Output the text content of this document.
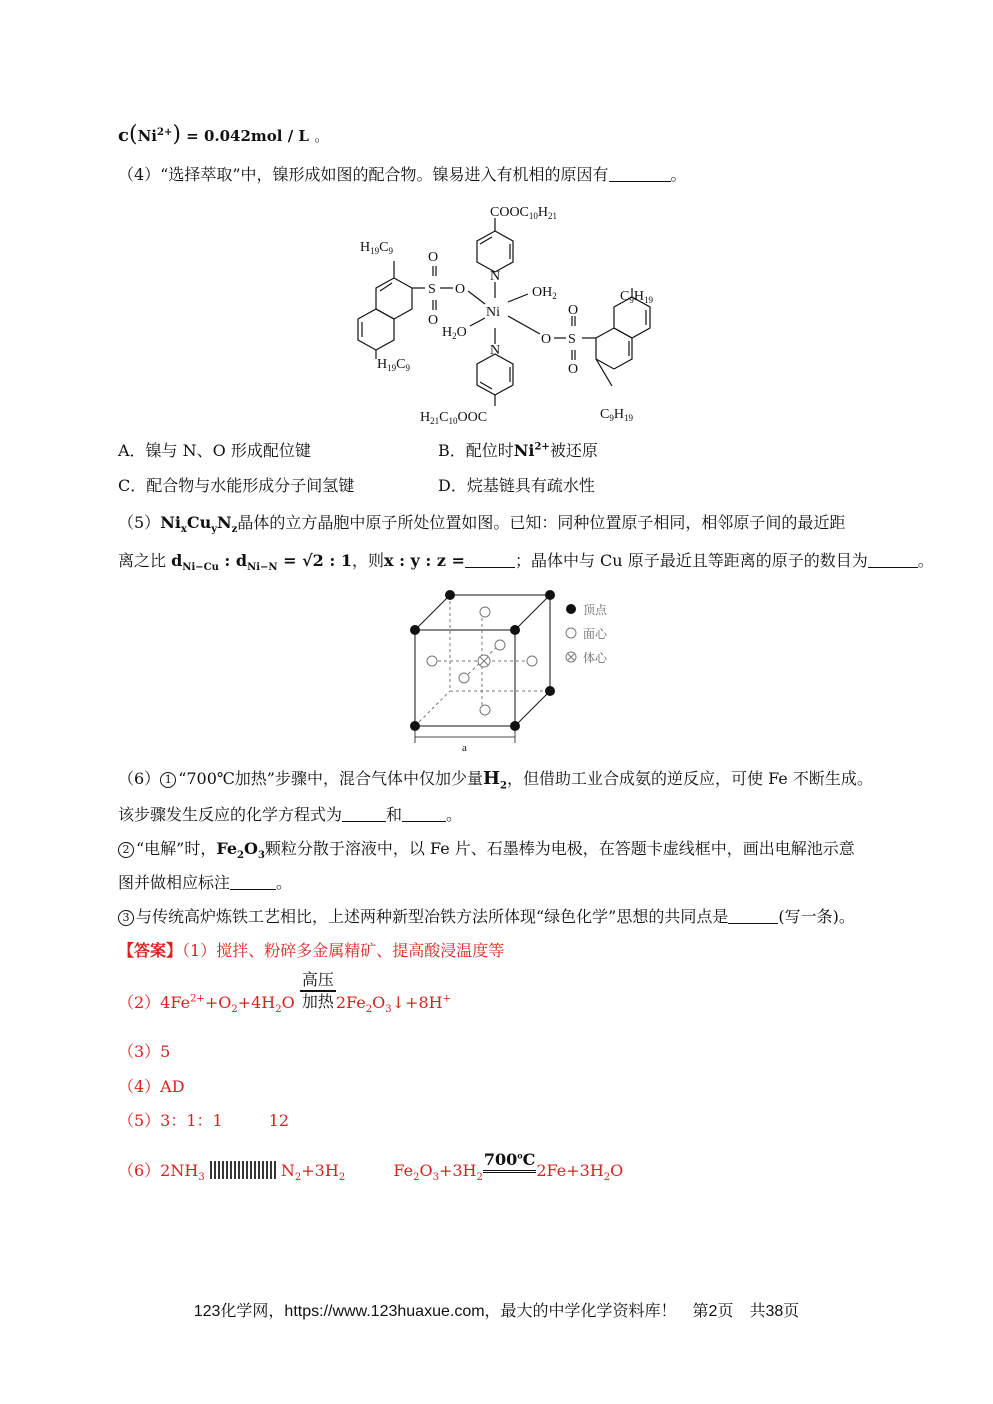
$c(Ni^{2+}) = 0.042mol / L$ 。
（4）“选择萃取”中，镍形成如图的配合物。镍易进入有机相的原因有	。
$COOC_{10}H_{21}$
$H_{19}C_9$	O
S
O
O
N
Ni
$OH_2$
$H_2O$
N
O S
O
O
$C_9H_{19}$
$H_{19}C_9$
$C_9H_{19}$
$H_{21}C_{10}OOC$
A．镍与 N、O 形成配位键	B．配位时$Ni^{2+}$被还原
C．配合物与水能形成分子间氢键	D．烷基链具有疏水性
$(5)Ni_xCu_yN_z$晶体的立方晶胞中原子所处位置如图。已知：同种位置原子相同，相邻原子间的最近距
离之比 $d_{Ni-Cu}$ : $d_{Ni-N} = √2$ : 1，则x : y : z =	；晶体中与 Cu 原子最近且等距离的原子的数目为	。
a
顶点
面心
体心
（6） 1 “700℃加热”步骤中，混合气体中仅加少量$H_2$，但借助工业合成氨的逆反应，可使 Fe 不断生成。
该步骤发生反应的化学方程式为	和	。
2 “电解”时，$Fe_2O_3$颗粒分散于溶液中，以 Fe 片、石墨棒为电极，在答题卡虚线框中，画出电解池示意
图并做相应标注	。
3 与传统高炉炼铁工艺相比，上述两种新型冶铁方法所体现“绿色化学”思想的共同点是	(写一条)。
【答案】（1）搅拌、粉碎多金属精矿、提高酸浸温度等
$(2)4Fe^{2+}+O_2+4H_2O \frac{\text{高压}}{\text{加热}}$ $2Fe_2O_3↓+8H^+$
（3）5
（4）AD
（5）3：1：1	12
$(6)2NH_3$	$N_2+3H_2$	$Fe_2O_3+3H_2$
700$^o$C
$2Fe+3H_2O$
123化学网，https://www.123huaxue.com，最大的中学化学资料库！　第2页　共38页
